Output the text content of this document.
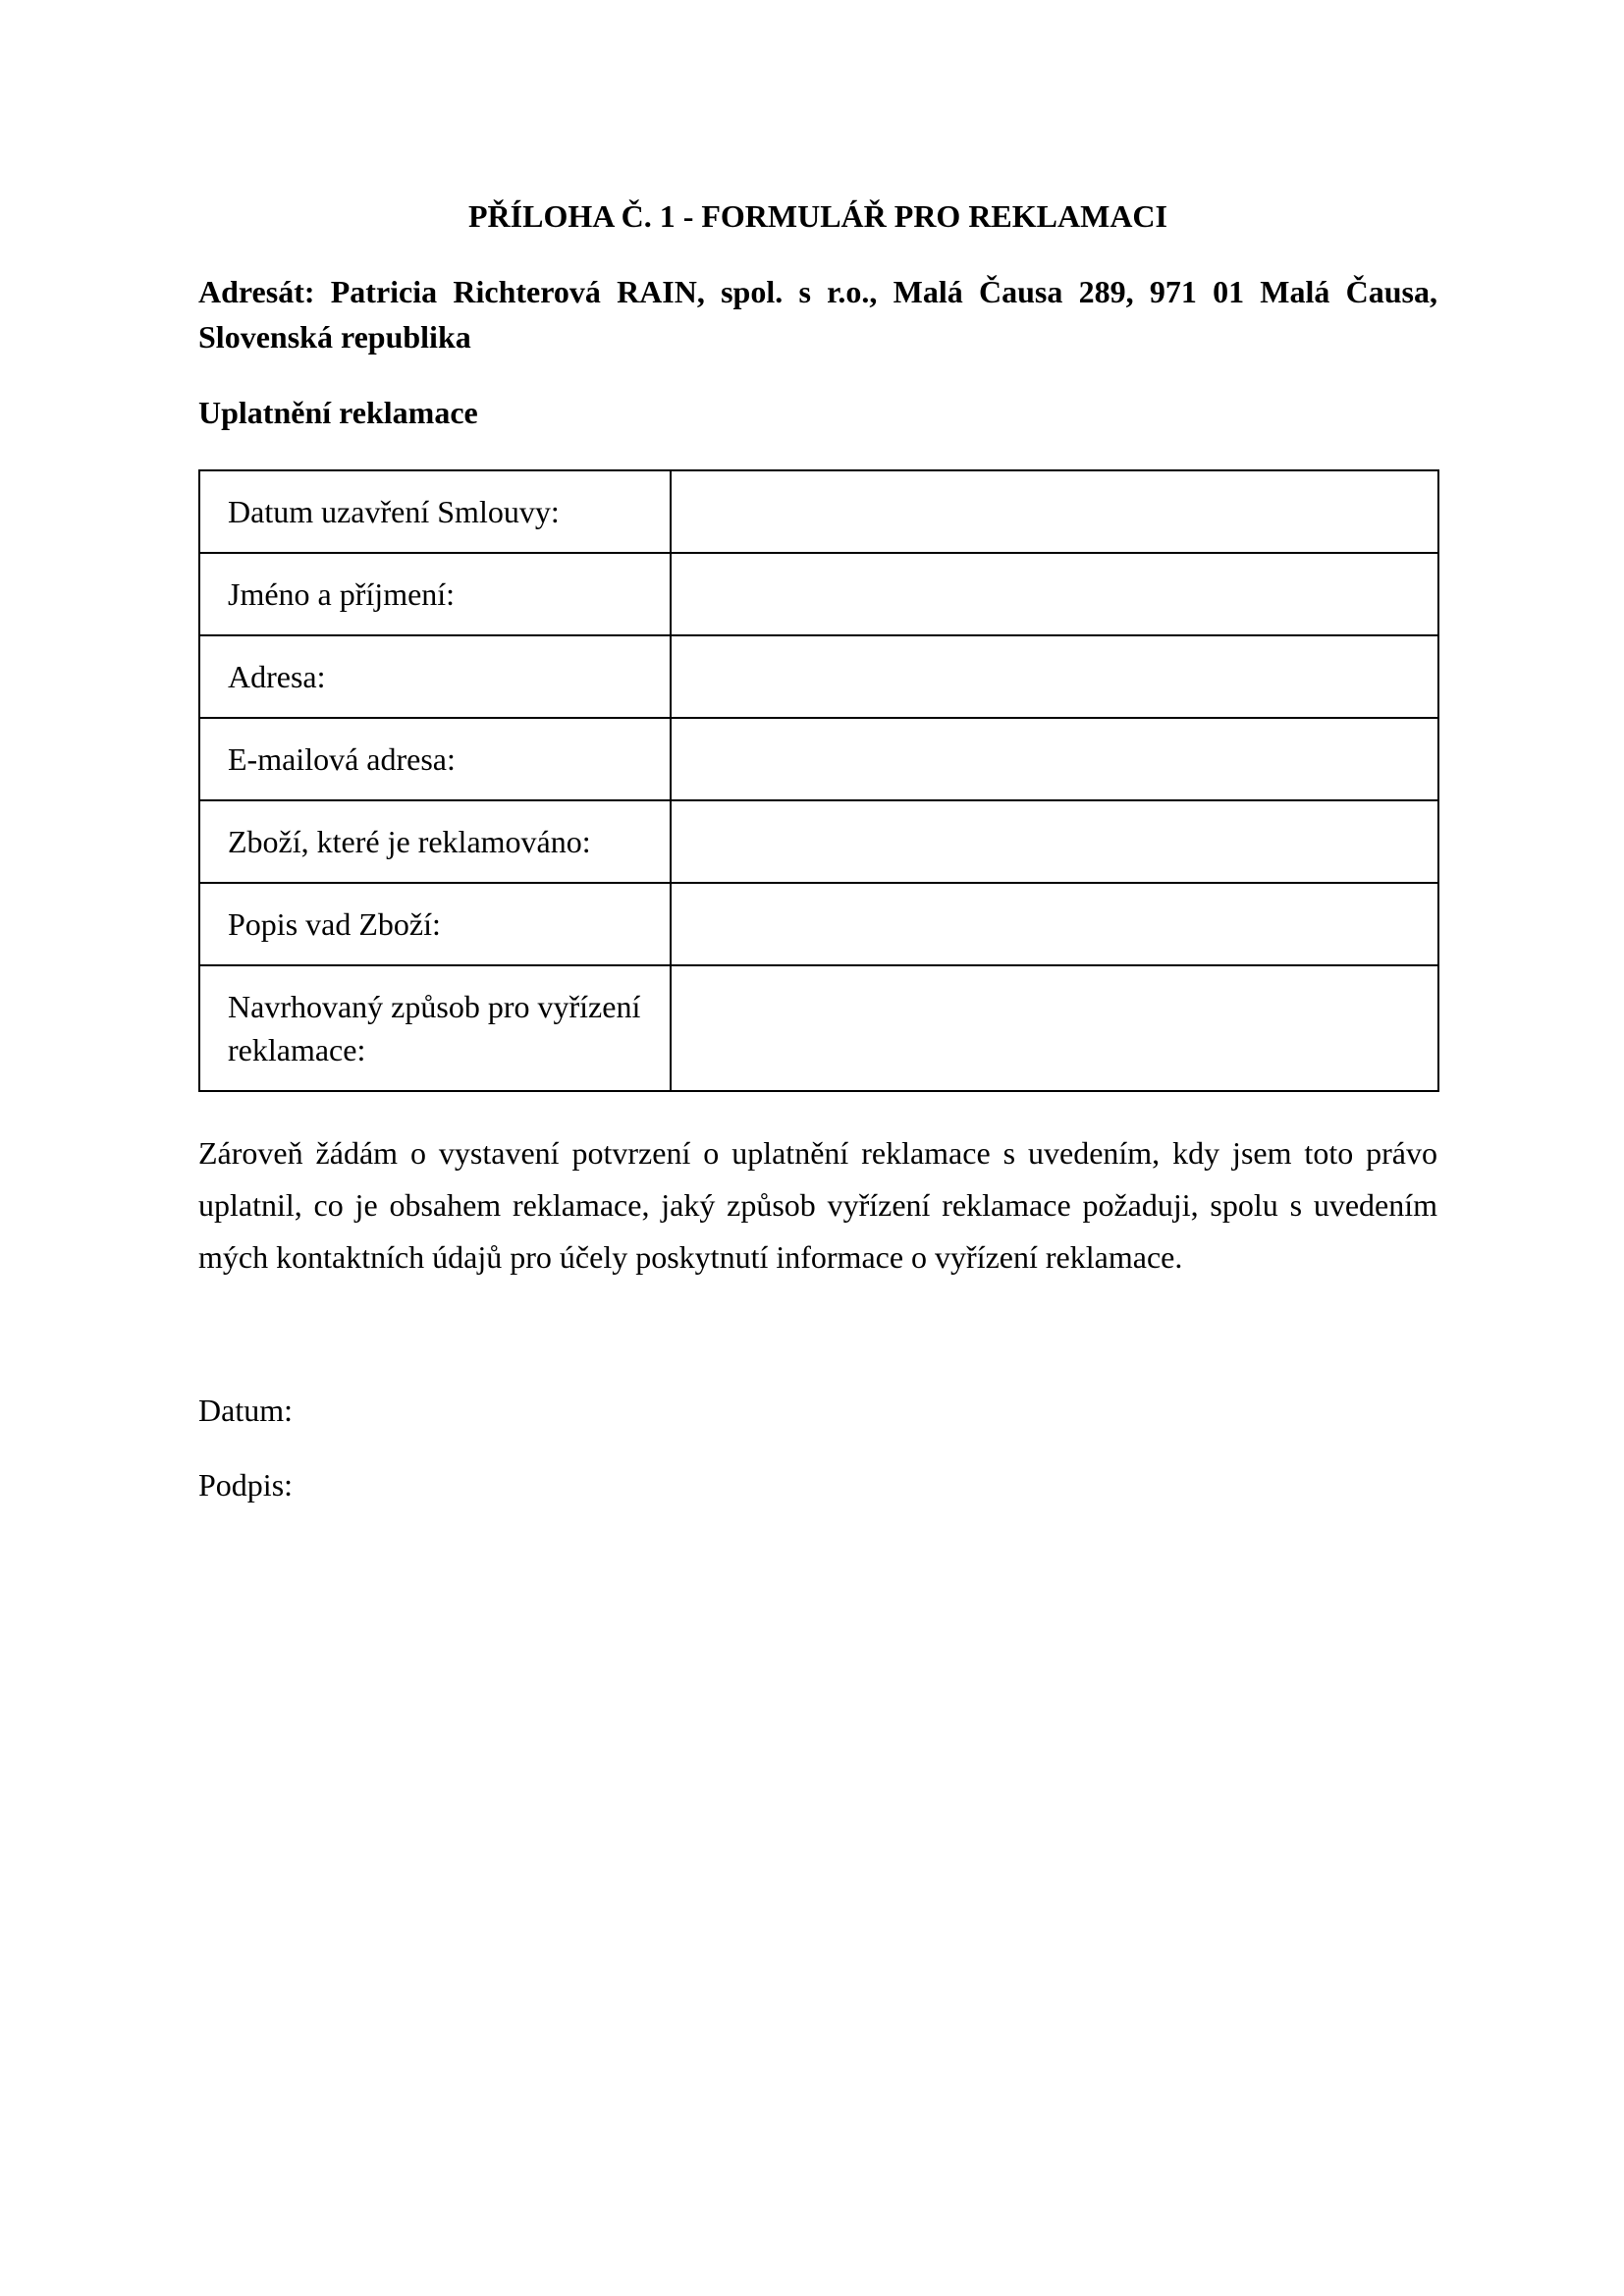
PŘÍLOHA Č. 1 - FORMULÁŘ PRO REKLAMACI

Adresát: Patricia Richterová RAIN, spol. s r.o., Malá Čausa 289, 971 01 Malá Čausa, Slovenská republika

Uplatnění reklamace
Datum uzavření Smlouvy:	
Jméno a příjmení:	
Adresa:	
E-mailová adresa:	
Zboží, které je reklamováno:	
Popis vad Zboží:	
Navrhovaný způsob pro vyřízení reklamace:	

Zároveň žádám o vystavení potvrzení o uplatnění reklamace s uvedením, kdy jsem toto právo uplatnil, co je obsahem reklamace, jaký způsob vyřízení reklamace požaduji, spolu s uvedením mých kontaktních údajů pro účely poskytnutí informace o vyřízení reklamace.

Datum:

Podpis:
